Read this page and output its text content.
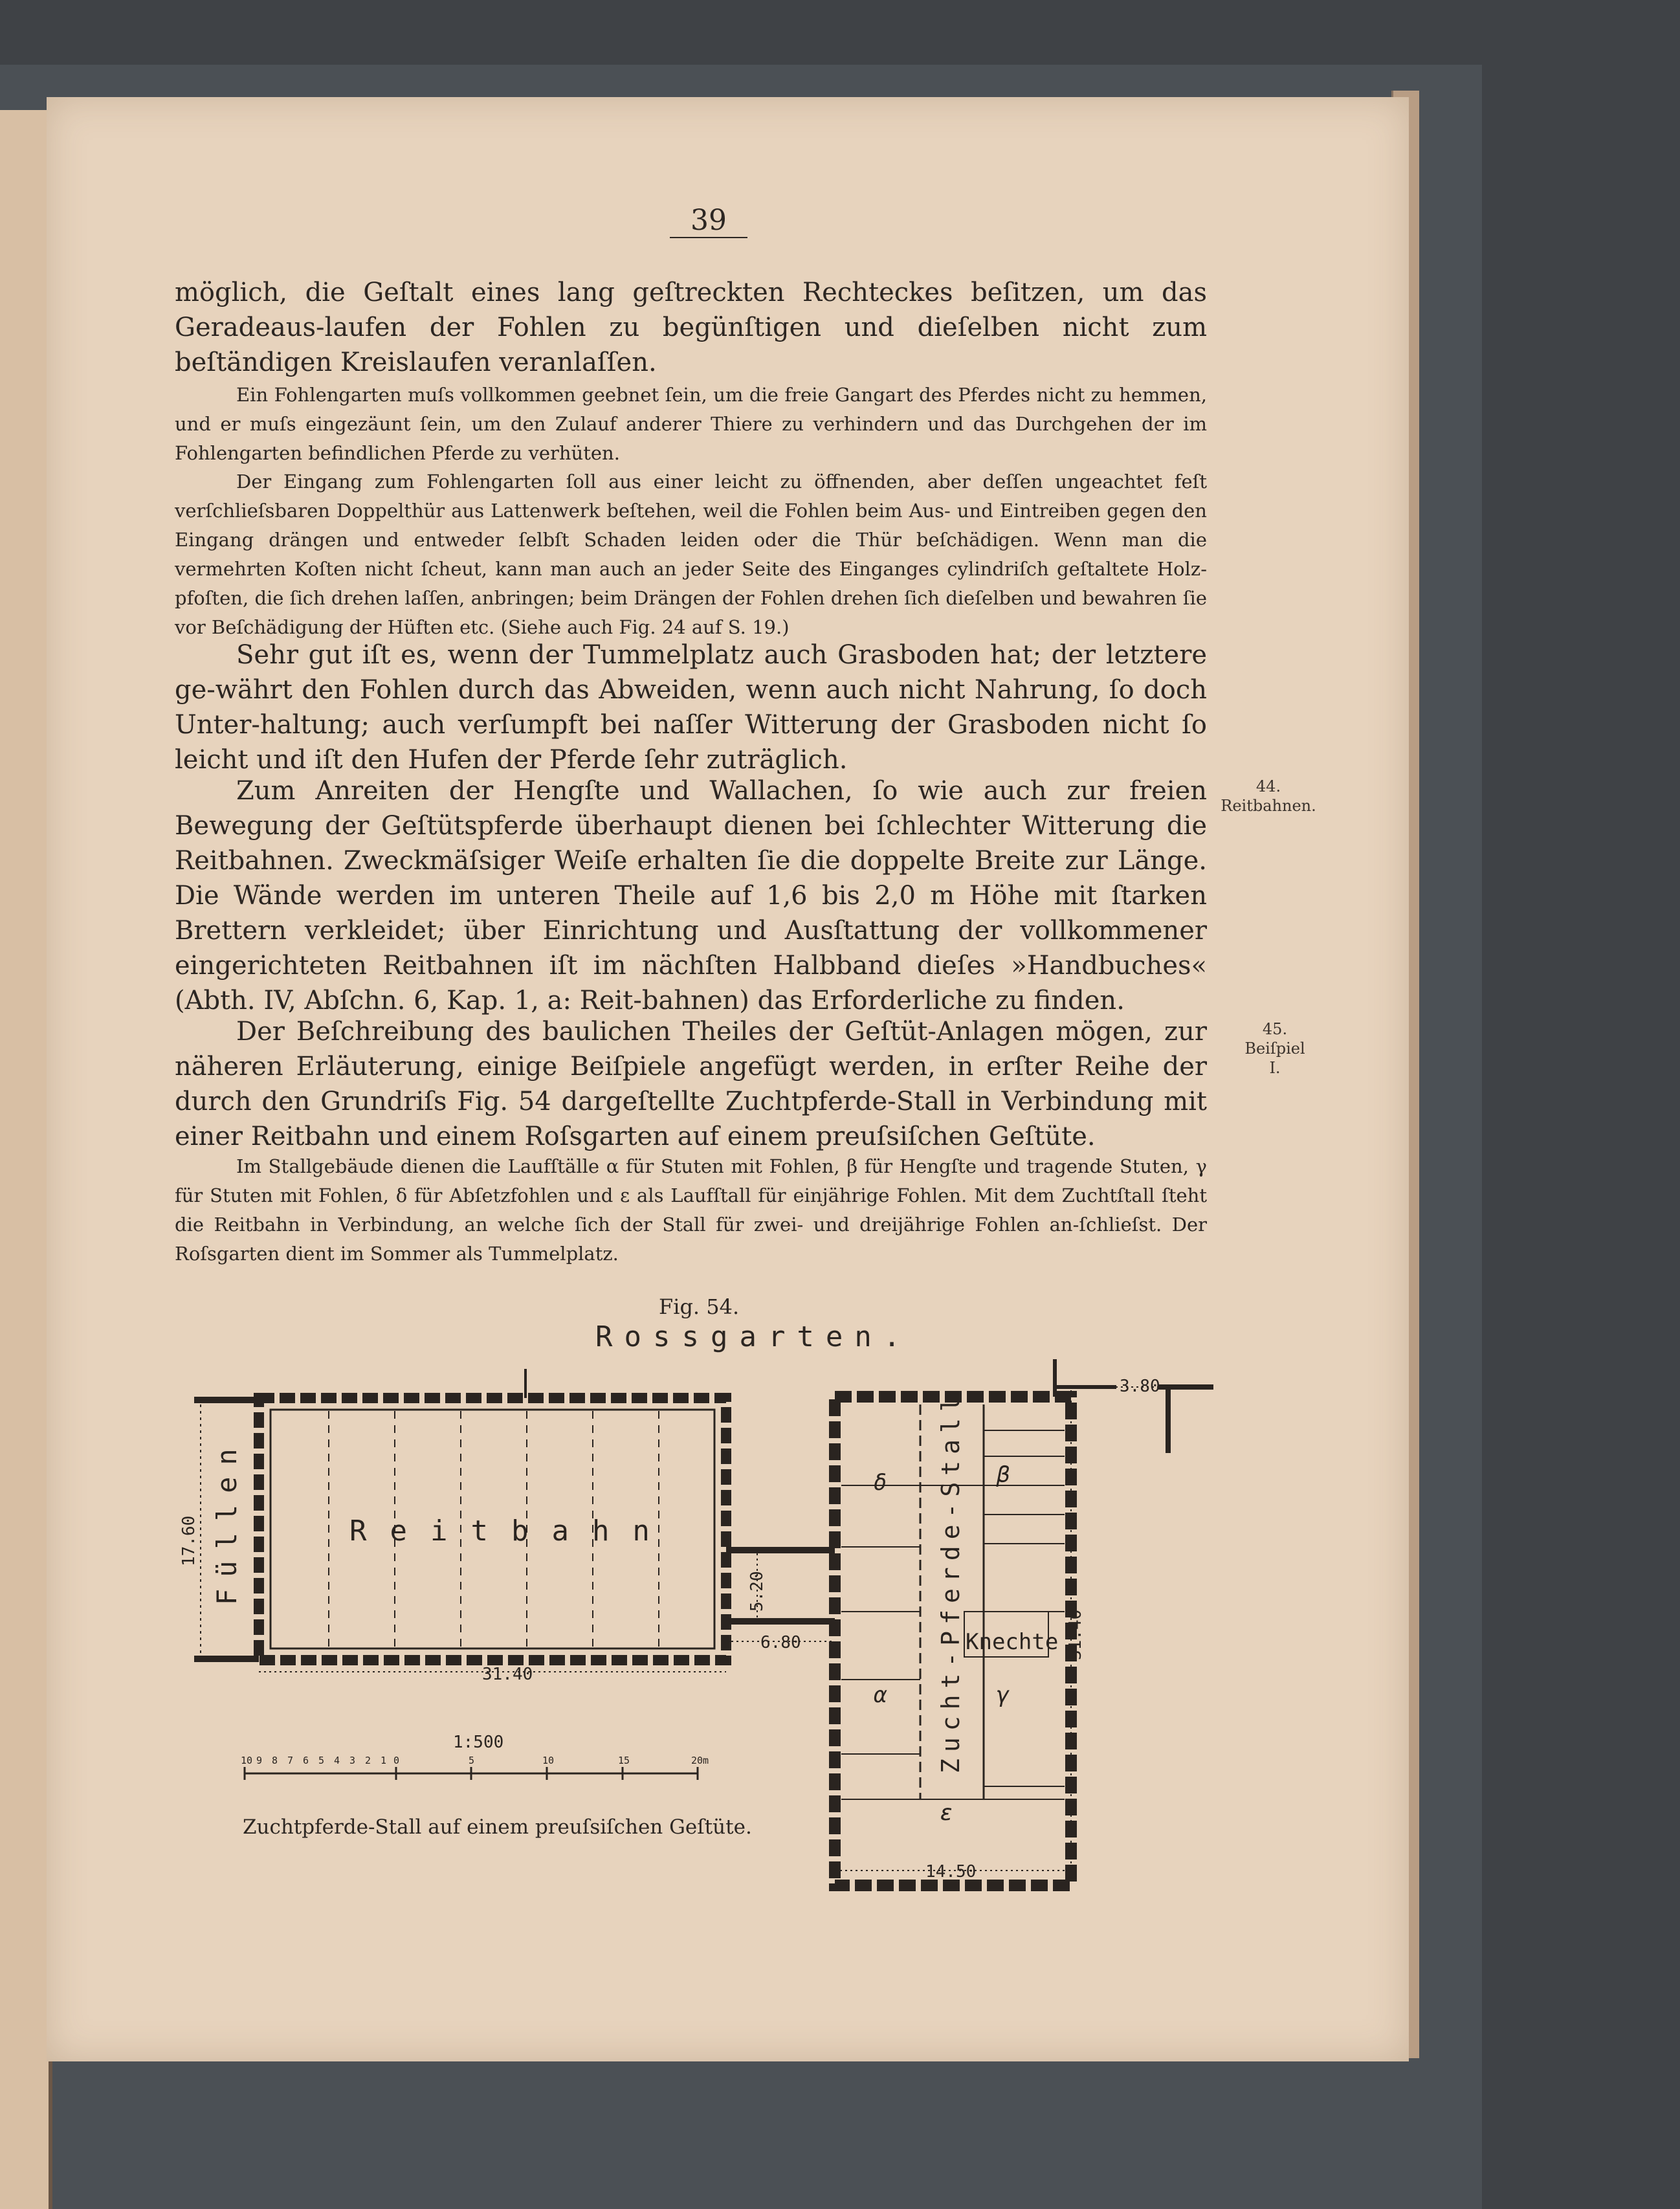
39
möglich, die Geſtalt eines lang geſtreckten Rechteckes beſitzen, um das Geradeaus-laufen der Fohlen zu begünſtigen und dieſelben nicht zum beſtändigen Kreislaufen veranlaſſen.
Ein Fohlengarten muſs vollkommen geebnet ſein, um die freie Gangart des Pferdes nicht zu hemmen, und er muſs eingezäunt ſein, um den Zulauf anderer Thiere zu verhindern und das Durchgehen der im Fohlengarten befindlichen Pferde zu verhüten.
Der Eingang zum Fohlengarten ſoll aus einer leicht zu öffnenden, aber deſſen ungeachtet feſt verſchlieſsbaren Doppelthür aus Lattenwerk beſtehen, weil die Fohlen beim Aus- und Eintreiben gegen den Eingang drängen und entweder ſelbſt Schaden leiden oder die Thür beſchädigen. Wenn man die vermehrten Koſten nicht ſcheut, kann man auch an jeder Seite des Einganges cylindriſch geſtaltete Holz-pfoſten, die ſich drehen laſſen, anbringen; beim Drängen der Fohlen drehen ſich dieſelben und bewahren ſie vor Beſchädigung der Hüften etc. (Siehe auch Fig. 24 auf S. 19.)
Sehr gut iſt es, wenn der Tummelplatz auch Grasboden hat; der letztere ge-währt den Fohlen durch das Abweiden, wenn auch nicht Nahrung, ſo doch Unter-haltung; auch verſumpft bei naſſer Witterung der Grasboden nicht ſo leicht und iſt den Hufen der Pferde ſehr zuträglich.
Zum Anreiten der Hengſte und Wallachen, ſo wie auch zur freien Bewegung der Geſtütspferde überhaupt dienen bei ſchlechter Witterung die Reitbahnen. Zweckmäſsiger Weiſe erhalten ſie die doppelte Breite zur Länge. Die Wände werden im unteren Theile auf 1,6 bis 2,0 m Höhe mit ſtarken Brettern verkleidet; über Einrichtung und Ausſtattung der vollkommener eingerichteten Reitbahnen iſt im nächſten Halbband dieſes »Handbuches« (Abth. IV, Abſchn. 6, Kap. 1, a: Reit-bahnen) das Erforderliche zu finden.
Der Beſchreibung des baulichen Theiles der Geſtüt-Anlagen mögen, zur näheren Erläuterung, einige Beiſpiele angefügt werden, in erſter Reihe der durch den Grundriſs Fig. 54 dargeſtellte Zuchtpferde-Stall in Verbindung mit einer Reitbahn und einem Roſsgarten auf einem preuſsiſchen Geſtüte.
Im Stallgebäude dienen die Laufſtälle α für Stuten mit Fohlen, β für Hengſte und tragende Stuten, γ für Stuten mit Fohlen, δ für Abſetzfohlen und ε als Laufſtall für einjährige Fohlen. Mit dem Zuchtſtall ſteht die Reitbahn in Verbindung, an welche ſich der Stall für zwei- und dreijährige Fohlen an-ſchlieſst. Der Roſsgarten dient im Sommer als Tummelplatz.
44.
Reitbahnen.
45.
Beiſpiel
I.
Fig. 54.
Rossgarten.
Reitbahn
Füllen	Zucht-Pferde-Stall Knechte
δ	β
α	γ
ε
17.60
31.40
5.20
6.80
3.80
31.40
14.50
1:500
10 9 8 7 6 5 4 3 2 1 0	5	10	15	20m
Zuchtpferde-Stall auf einem preuſsiſchen Geſtüte.
